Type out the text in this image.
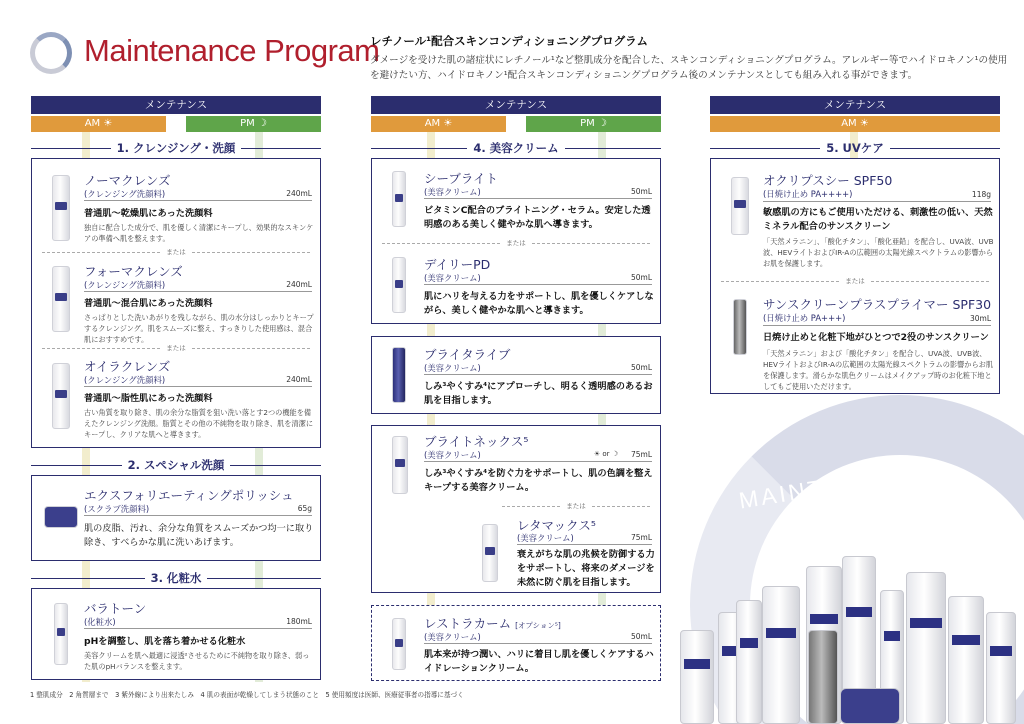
Maintenance Program
レチノール¹配合スキンコンディショニングプログラム
ダメージを受けた肌の諸症状にレチノール¹など整肌成分を配合した、スキンコンディショニングプログラム。アレルギー等でハイドロキノン¹の使用を避けたい方、ハイドロキノン¹配合スキンコンディショニングプログラム後のメンテナンスとしても組み入れる事ができます。
メンテナンス
AM ☀	PM ☽
1. クレンジング・洗顔
ノーマクレンズ
(クレンジング洗顔料)	240mL
普通肌～乾燥肌にあった洗顔料
独自に配合した成分で、肌を優しく清潔にキープし、効果的なスキンケアの準備へ肌を整えます。
または
フォーマクレンズ
(クレンジング洗顔料)	240mL
普通肌～混合肌にあった洗顔料
さっぱりとした洗いあがりを残しながら、肌の水分はしっかりとキープするクレンジング。肌をスムーズに整え、すっきりした使用感は、混合肌におすすめです。
または
オイラクレンズ
(クレンジング洗顔料)	240mL
普通肌～脂性肌にあった洗顔料
古い角質を取り除き、肌の余分な脂質を狙い洗い落とす2つの機能を備えたクレンジング洗顔。脂質とその他の不純物を取り除き、肌を清潔にキープし、クリアな肌へと導きます。
2. スペシャル洗顔
エクスフォリエーティングポリッシュ
(スクラブ洗顔料)	65g
肌の皮脂、汚れ、余分な角質をスムーズかつ均一に取り除き、すべらかな肌に洗いあげます。
3. 化粧水
バラトーン
(化粧水)	180mL
pHを調整し、肌を落ち着かせる化粧水
美容クリームを肌へ最適に浸透²させるために不純物を取り除き、弱った肌のpHバランスを整えます。
メンテナンス
AM ☀	PM ☽
4. 美容クリーム
シーブライト
(美容クリーム)	50mL
ビタミンC配合のブライトニング・セラム。安定した透明感のある美しく健やかな肌へ導きます。
または
デイリーPD
(美容クリーム)	50mL
肌にハリを与える力をサポートし、肌を優しくケアしながら、美しく健やかな肌へと導きます。
ブライタライブ
(美容クリーム)	50mL
しみ³やくすみ⁴にアプローチし、明るく透明感のあるお肌を目指します。
ブライトネックス⁵
(美容クリーム)	☀ or ☽ 75mL
しみ³やくすみ⁴を防ぐ力をサポートし、肌の色調を整えキープする美容クリーム。
または
レタマックス⁵
(美容クリーム)	75mL
衰えがちな肌の兆候を防御する力をサポートし、将来のダメージを未然に防ぐ肌を目指します。
レストラカーム [オプション⁵]
(美容クリーム)	50mL
肌本来が持つ潤い、ハリに着目し肌を優しくケアするハイドレーションクリーム。
メンテナンス
AM ☀
5. UVケア
オクリプスシー SPF50
(日焼け止め PA++++)	118g
敏感肌の方にもご使用いただける、刺激性の低い、天然ミネラル配合のサンスクリーン
「天然メラニン」、「酸化チタン」、「酸化亜鉛」を配合し、UVA波、UVB波、HEVライトおよびIR-Aの広範囲の太陽光線スペクトラムの影響からお肌を保護します。
または
サンスクリーンプラスプライマー SPF30
(日焼け止め PA+++)	30mL
日焼け止めと化粧下地がひとつで2役のサンスクリーン
「天然メラニン」および「酸化チタン」を配合し、UVA波、UVB波、HEVライトおよびIR-Aの広範囲の太陽光線スペクトラムの影響からお肌を保護します。滑らかな肌色クリームはメイクアップ時のお化粧下地としてもご使用いただけます。
MAINTENANCE
1 整肌成分　2 角質層まで　3 紫外線により出来たしみ　4 肌の表面が乾燥してしまう状態のこと　5 使用頻度は医師、医療従事者の指導に基づく
